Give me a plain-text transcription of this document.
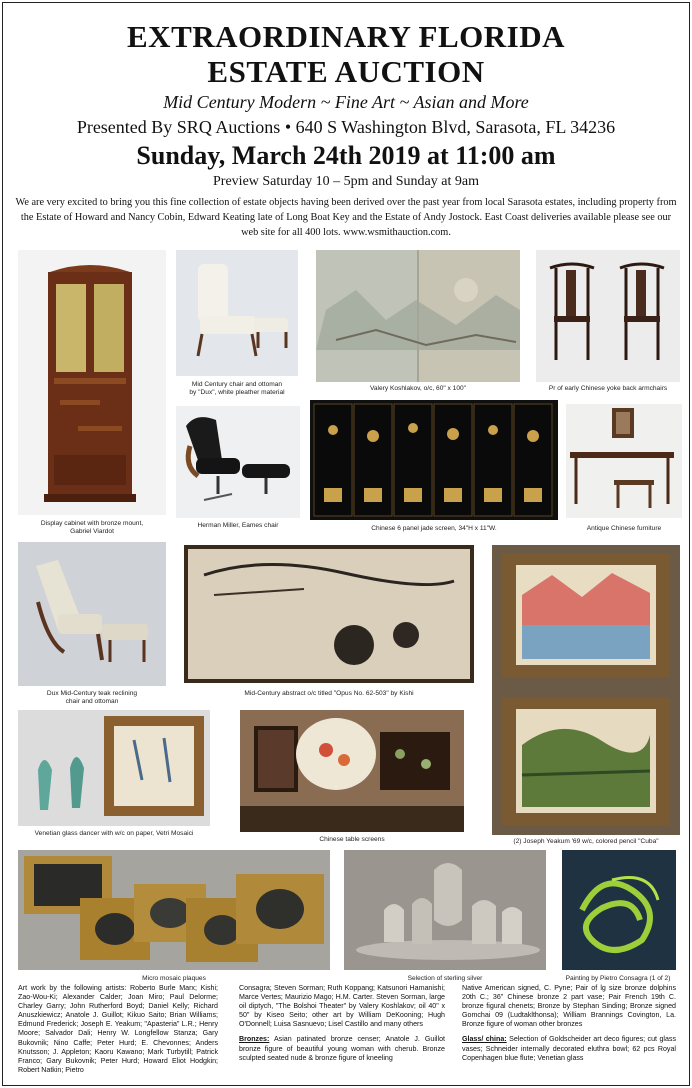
EXTRAORDINARY FLORIDA
ESTATE AUCTION
Mid Century Modern ~ Fine Art ~ Asian and More
Presented By SRQ Auctions • 640 S Washington Blvd, Sarasota, FL 34236
Sunday, March 24th 2019 at 11:00 am
Preview Saturday 10 – 5pm and Sunday at 9am
We are very excited to bring you this fine collection of estate objects having been derived over the past year from local Sarasota estates, including property from the Estate of Howard and Nancy Cobin, Edward Keating late of Long Boat Key and the Estate of Andy Jostock. East Coast deliveries available please see our web site for all 400 lots. www.wsmithauction.com.
Display cabinet with bronze mount,
Gabriel Viardot
Mid Century chair and ottoman
by "Dux", white pleather material
Valery Koshlakov, o/c, 60" x 100"	Pr of early Chinese yoke back armchairs
Herman Miller, Eames chair	Chinese 6 panel jade screen, 34"H x 11"W.	Antique Chinese furniture
Dux Mid-Century teak reclining
chair and ottoman
Mid-Century abstract o/c titled "Opus No. 62-503" by Kishi
(2) Joseph Yeakum '69 w/c, colored pencil "Cuba"
Venetian glass dancer with w/c on paper, Vetri Mosaici
Chinese table screens
Micro mosaic plaques	Selection of sterling silver	Painting by Pietro Consagra (1 of 2)
Art work by the following artists: Roberto Burle Marx; Kishi; Zao-Wou-Ki; Alexander Calder; Joan Miro; Paul Delorme; Charley Garry; John Rutherford Boyd; Daniel Kelly; Richard Anuszkiewicz; Anatole J. Guillot; Kikuo Saito; Brian Williams; Edmund Frederick; Joseph E. Yeakum; "Apasteria" L.R.; Henry Moore; Salvador Dali; Henry W. Longfellow Stanza; Gary Bukovnik; Nino Caffe; Peter Hurd; E. Chevonnes; Anders Knutsson; J. Appleton; Kaoru Kawano; Mark Turbytill; Patrick Franco; Gary Bukovnik; Peter Hurd; Howard Eliot Hodgkin; Robert Natkin; Pietro
Consagra; Steven Sorman; Ruth Koppang; Katsunori Hamanishi; Marce Vertes; Maurizio Mago; H.M. Carter. Steven Sorman, large oil diptych, "The Bolshoi Theater" by Valery Koshlakov; oil 40" x 50" by Kiseo Seito; other art by William DeKooning; Hugh O'Donnell; Luisa Sasnuevo; Lisel Castillo and many others
Bronzes: Asian patinated bronze censer; Anatole J. Guillot bronze figure of beautiful young woman with cherub. Bronze sculpted seated nude & bronze figure of kneeling
Native American signed, C. Pyne; Pair of lg size bronze dolphins 20th C.; 36" Chinese bronze 2 part vase; Pair French 19th C. bronze figural chenets; Bronze by Stephan Sinding; Bronze signed Gomchai 09 (Ludtaklthonsa); William Brannings Covington, La. Bronze figure of woman other bronzes
Glass/ china: Selection of Goldscheider art deco figures; cut glass vases; Schneider internally decorated eluthra bowl; 62 pcs Royal Copenhagen blue flute; Venetian glass
